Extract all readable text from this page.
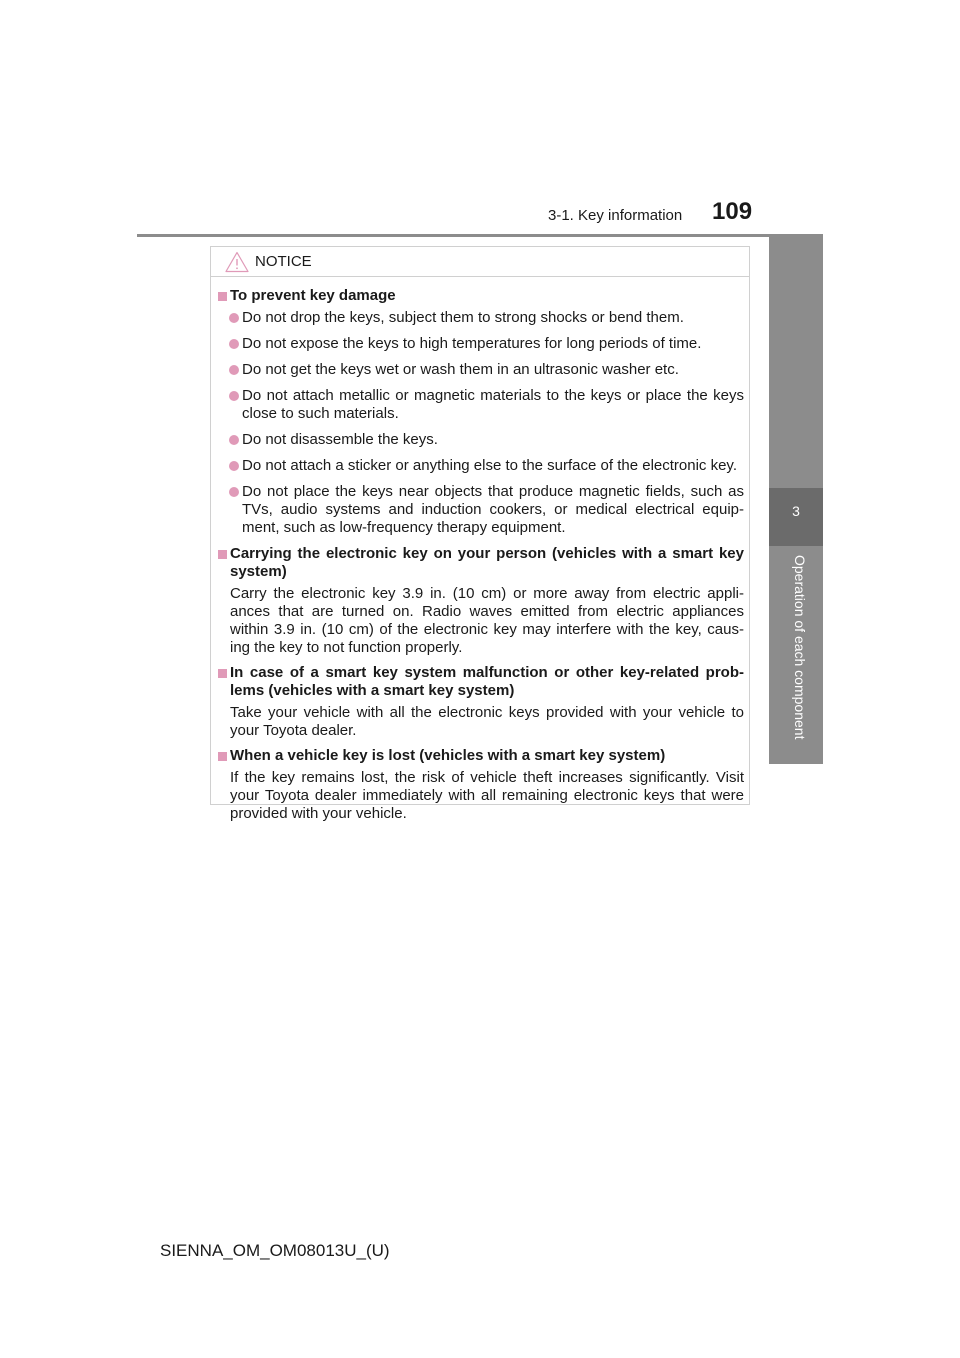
3-1. Key information 109
3
Operation of each component
NOTICE
To prevent key damage
Do not drop the keys, subject them to strong shocks or bend them.
Do not expose the keys to high temperatures for long periods of time.
Do not get the keys wet or wash them in an ultrasonic washer etc.
Do not attach metallic or magnetic materials to the keys or place the keys close to such materials.
Do not disassemble the keys.
Do not attach a sticker or anything else to the surface of the electronic key.
Do not place the keys near objects that produce magnetic fields, such as TVs, audio systems and induction cookers, or medical electrical equip-ment, such as low-frequency therapy equipment.
Carrying the electronic key on your person (vehicles with a smart key system)
Carry the electronic key 3.9 in. (10 cm) or more away from electric appli-ances that are turned on. Radio waves emitted from electric appliances within 3.9 in. (10 cm) of the electronic key may interfere with the key, caus-ing the key to not function properly.
In case of a smart key system malfunction or other key-related prob-lems (vehicles with a smart key system)
Take your vehicle with all the electronic keys provided with your vehicle to your Toyota dealer.
When a vehicle key is lost (vehicles with a smart key system)
If the key remains lost, the risk of vehicle theft increases significantly. Visit your Toyota dealer immediately with all remaining electronic keys that were provided with your vehicle.
SIENNA_OM_OM08013U_(U)
